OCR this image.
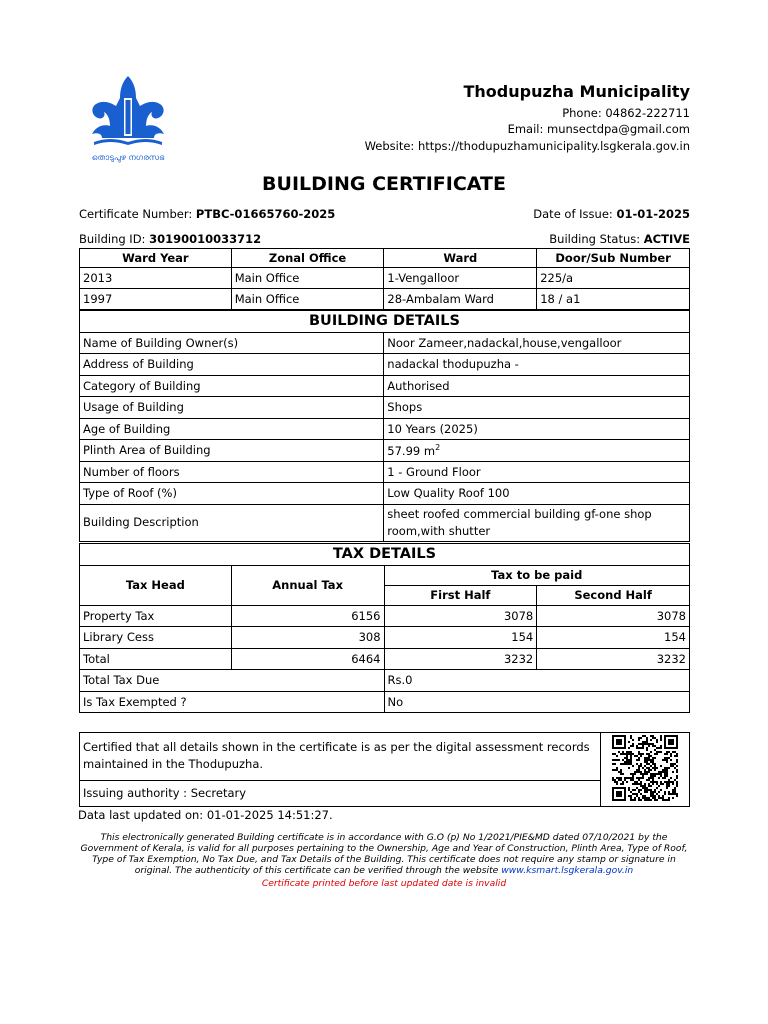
തൊടുപുഴ നഗരസഭ
Thodupuzha Municipality
Phone: 04862-222711
Email: munsectdpa@gmail.com
Website: https://thodupuzhamunicipality.lsgkerala.gov.in
BUILDING CERTIFICATE
Certificate Number: PTBC-01665760-2025	Date of Issue: 01-01-2025
Building ID: 30190010033712	Building Status: ACTIVE
Ward Year	Zonal Office	Ward	Door/Sub Number
2013	Main Office	1-Vengalloor	225/a
1997	Main Office	28-Ambalam Ward	18 / a1
BUILDING DETAILS	
Name of Building Owner(s)	Noor Zameer,nadackal,house,vengalloor
Address of Building	nadackal thodupuzha -
Category of Building	Authorised
Usage of Building	Shops
Age of Building	10 Years (2025)
Plinth Area of Building	57.99 $m^2$
Number of floors	1 - Ground Floor
Type of Roof (%)	Low Quality Roof 100
Building Description	sheet roofed commercial building gf-one shop room,with shutter
TAX DETAILS			
Tax Head	Annual Tax	Tax to be paid	
		First Half	Second Half
Property Tax	6156	3078	3078
Library Cess	308	154	154
Total	6464	3232	3232
Total Tax Due		Rs.0	
Is Tax Exempted ?		No	
Certified that all details shown in the certificate is as per the digital assessment records maintained in the Thodupuzha.	
Issuing authority : Secretary
Data last updated on: 01-01-2025 14:51:27.
This electronically generated Building certificate is in accordance with G.O (p) No 1/2021/PIE&MD dated 07/10/2021 by the Government of Kerala, is valid for all purposes pertaining to the Ownership, Age and Year of Construction, Plinth Area, Type of Roof, Type of Tax Exemption, No Tax Due, and Tax Details of the Building. This certificate does not require any stamp or signature in original. The authenticity of this certificate can be verified through the website www.ksmart.lsgkerala.gov.in
Certificate printed before last updated date is invalid
